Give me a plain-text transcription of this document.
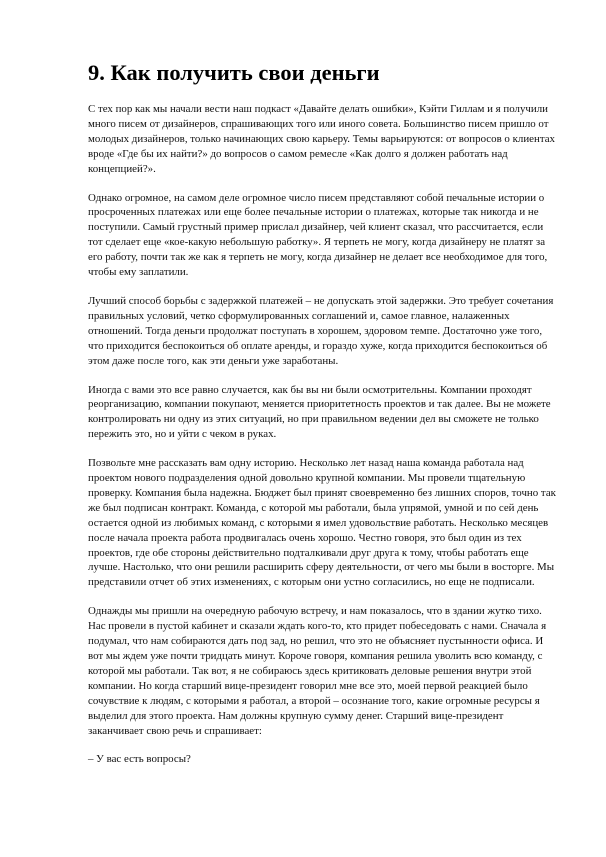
9. Как получить свои деньги

С тех пор как мы начали вести наш подкаст «Давайте делать ошибки», Кэйти Гиллам и я получили много писем от дизайнеров, спрашивающих того или иного совета. Большинство писем пришло от молодых дизайнеров, только начинающих свою карьеру. Темы варьируются: от вопросов о клиентах вроде «Где бы их найти?» до вопросов о самом ремесле «Как долго я должен работать над концепцией?».

Однако огромное, на самом деле огромное число писем представляют собой печальные истории о просроченных платежах или еще более печальные истории о платежах, которые так никогда и не поступили. Самый грустный пример прислал дизайнер, чей клиент сказал, что рассчитается, если тот сделает еще «кое-какую небольшую работку». Я терпеть не могу, когда дизайнеру не платят за его работу, почти так же как я терпеть не могу, когда дизайнер не делает все необходимое для того, чтобы ему заплатили.

Лучший способ борьбы с задержкой платежей – не допускать этой задержки. Это требует сочетания правильных условий, четко сформулированных соглашений и, самое главное, налаженных отношений. Тогда деньги продолжат поступать в хорошем, здоровом темпе. Достаточно уже того, что приходится беспокоиться об оплате аренды, и гораздо хуже, когда приходится беспокоиться об этом даже после того, как эти деньги уже заработаны.

Иногда с вами это все равно случается, как бы вы ни были осмотрительны. Компании проходят реорганизацию, компании покупают, меняется приоритетность проектов и так далее. Вы не можете контролировать ни одну из этих ситуаций, но при правильном ведении дел вы сможете не только пережить это, но и уйти с чеком в руках.

Позвольте мне рассказать вам одну историю. Несколько лет назад наша команда работала над проектом нового подразделения одной довольно крупной компании. Мы провели тщательную проверку. Компания была надежна. Бюджет был принят своевременно без лишних споров, точно так же был подписан контракт. Команда, с которой мы работали, была упрямой, умной и по сей день остается одной из любимых команд, с которыми я имел удовольствие работать. Несколько месяцев после начала проекта работа продвигалась очень хорошо. Честно говоря, это был один из тех проектов, где обе стороны действительно подталкивали друг друга к тому, чтобы работать еще лучше. Настолько, что они решили расширить сферу деятельности, от чего мы были в восторге. Мы представили отчет об этих изменениях, с которым они устно согласились, но еще не подписали.

Однажды мы пришли на очередную рабочую встречу, и нам показалось, что в здании жутко тихо. Нас провели в пустой кабинет и сказали ждать кого-то, кто придет побеседовать с нами. Сначала я подумал, что нам собираются дать под зад, но решил, что это не объясняет пустынности офиса. И вот мы ждем уже почти тридцать минут. Короче говоря, компания решила уволить всю команду, с которой мы работали. Так вот, я не собираюсь здесь критиковать деловые решения внутри этой компании. Но когда старший вице-президент говорил мне все это, моей первой реакцией было сочувствие к людям, с которыми я работал, а второй – осознание того, какие огромные ресурсы я выделил для этого проекта. Нам должны крупную сумму денег. Старший вице-президент заканчивает свою речь и спрашивает:

– У вас есть вопросы?
